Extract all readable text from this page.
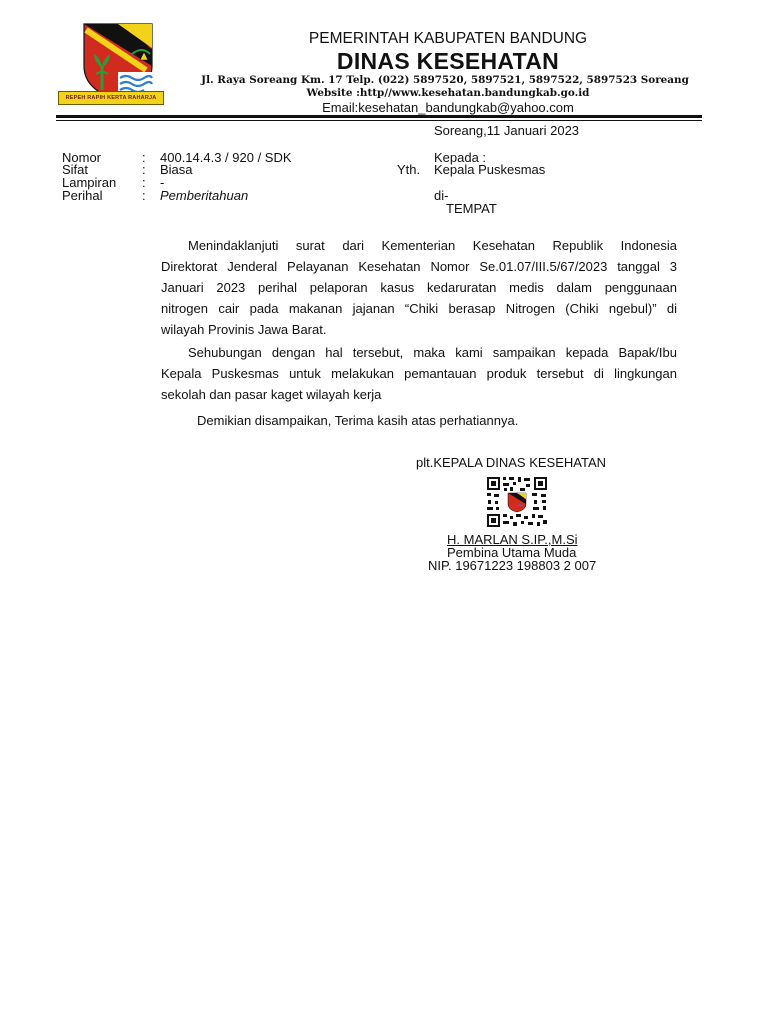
REPEH RAPIH KERTA RAHARJA
PEMERINTAH KABUPATEN BANDUNG
DINAS KESEHATAN
Jl. Raya Soreang Km. 17 Telp. (022) 5897520, 5897521, 5897522, 5897523 Soreang
Website :http//www.kesehatan.bandungkab.go.id
Email:kesehatan_bandungkab@yahoo.com
Soreang,11 Januari 2023
Nomor	: 400.14.4.3 / 920 / SDK
Sifat	: Biasa
Lampiran : -
Perihal	: Pemberitahuan
Kepada :
Yth. Kepala Puskesmas
di-
TEMPAT
Menindaklanjuti surat dari Kementerian Kesehatan Republik Indonesia
Direktorat Jenderal Pelayanan Kesehatan Nomor Se.01.07/III.5/67/2023 tanggal 3
Januari 2023 perihal pelaporan kasus kedaruratan medis dalam penggunaan
nitrogen cair pada makanan jajanan “Chiki berasap Nitrogen (Chiki ngebul)” di
wilayah Provinis Jawa Barat.
Sehubungan dengan hal tersebut, maka kami sampaikan kepada Bapak/Ibu
Kepala Puskesmas untuk melakukan pemantauan produk tersebut di lingkungan
sekolah dan pasar kaget wilayah kerja
Demikian disampaikan, Terima kasih atas perhatiannya.
plt.KEPALA DINAS KESEHATAN
H. MARLAN S.IP.,M.Si
Pembina Utama Muda
NIP. 19671223 198803 2 007
